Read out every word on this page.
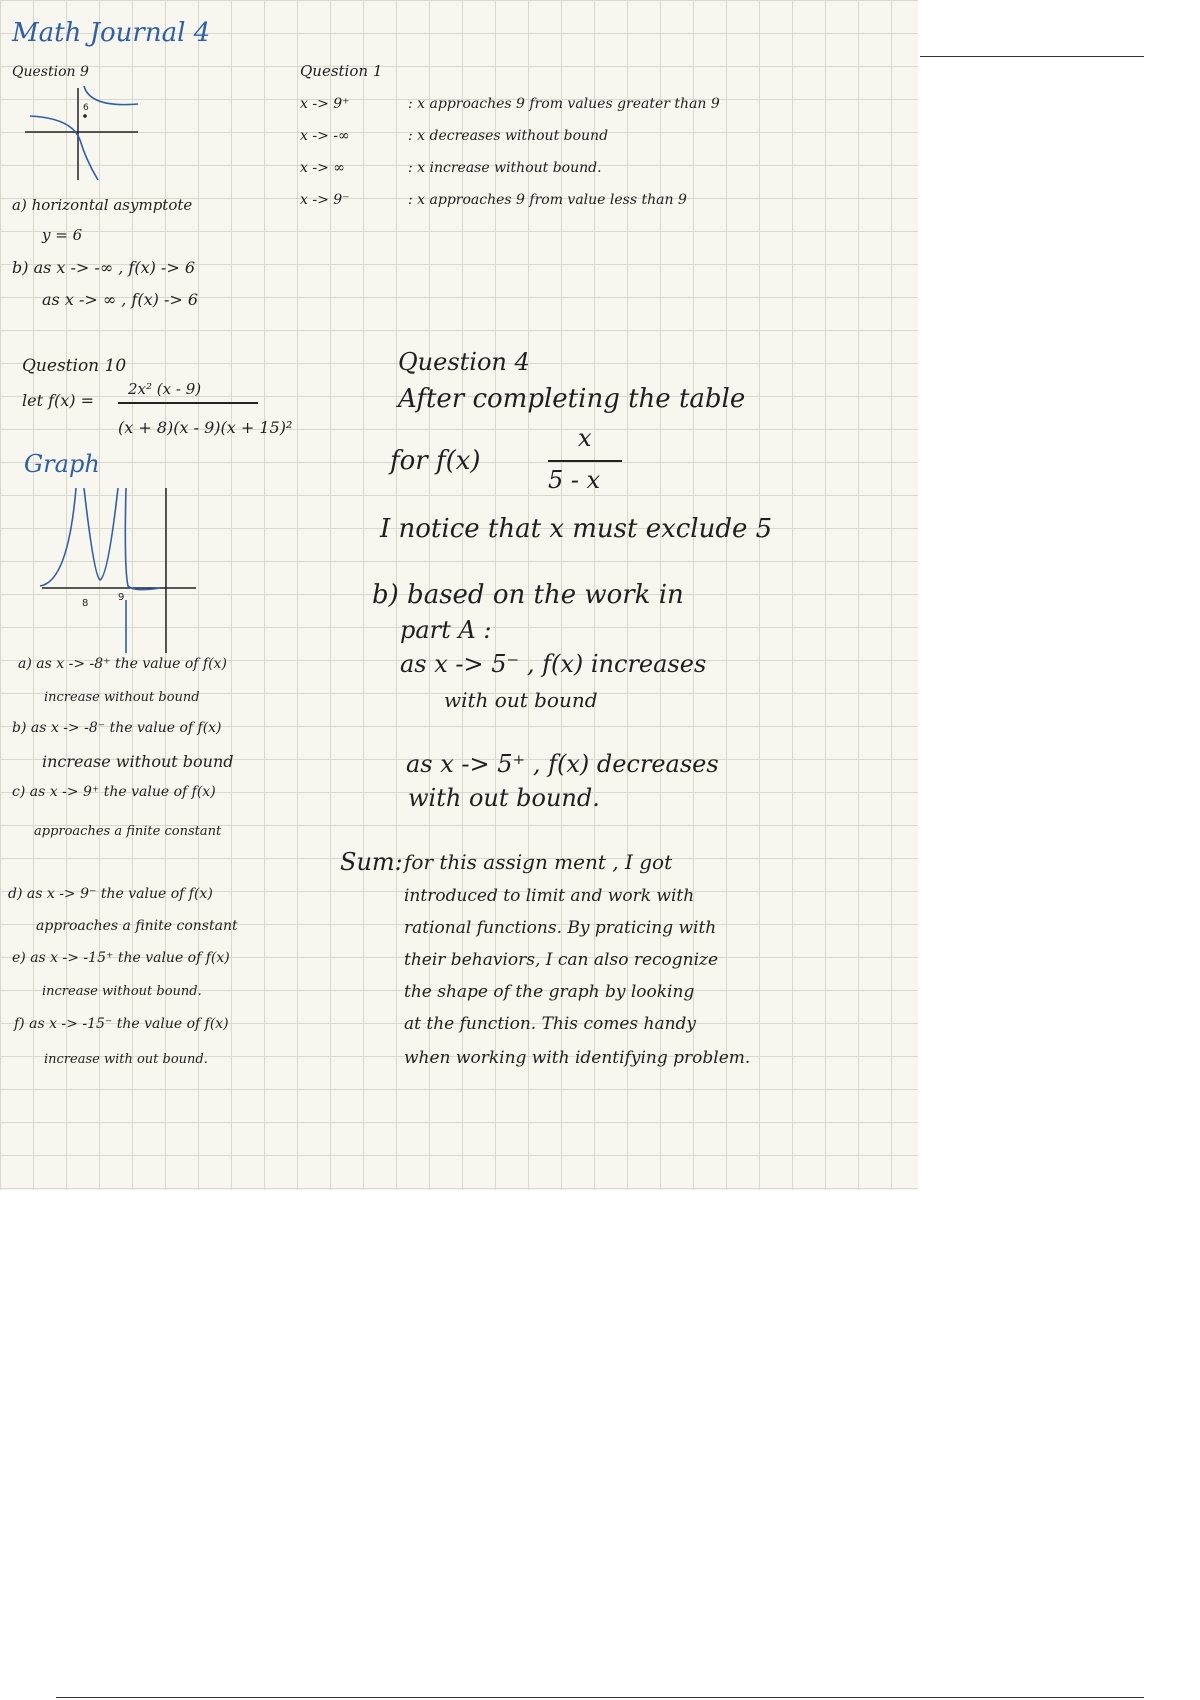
Math Journal 4
Question 9
6
a) horizontal asymptote
y = 6
b) as x -> -∞ , f(x) -> 6
as x -> ∞ , f(x) -> 6
Question 1
x -> 9⁺	: x approaches 9 from values greater than 9
x -> -∞	: x decreases without bound
x -> ∞	: x increase without bound.
x -> 9⁻	: x approaches 9 from value less than 9
Question 10
let f(x) =
2x² (x - 9)
(x + 8)(x - 9)(x + 15)²
Graph
8
9
a) as x -> -8⁺ the value of f(x)
increase without bound
b) as x -> -8⁻ the value of f(x)
increase without bound
c) as x -> 9⁺ the value of f(x)
approaches a finite constant
d) as x -> 9⁻ the value of f(x)
approaches a finite constant
e) as x -> -15⁺ the value of f(x)
increase without bound.
f) as x -> -15⁻ the value of f(x)
increase with out bound.
Question 4
After completing the table
for f(x)
x
5 - x
I notice that x must exclude 5
b) based on the work in
part A :
as x -> 5⁻ , f(x) increases
with out bound
as x -> 5⁺ , f(x) decreases
with out bound.
Sum: for this assign ment , I got
introduced to limit and work with
rational functions. By praticing with
their behaviors, I can also recognize
the shape of the graph by looking
at the function. This comes handy
when working with identifying problem.
